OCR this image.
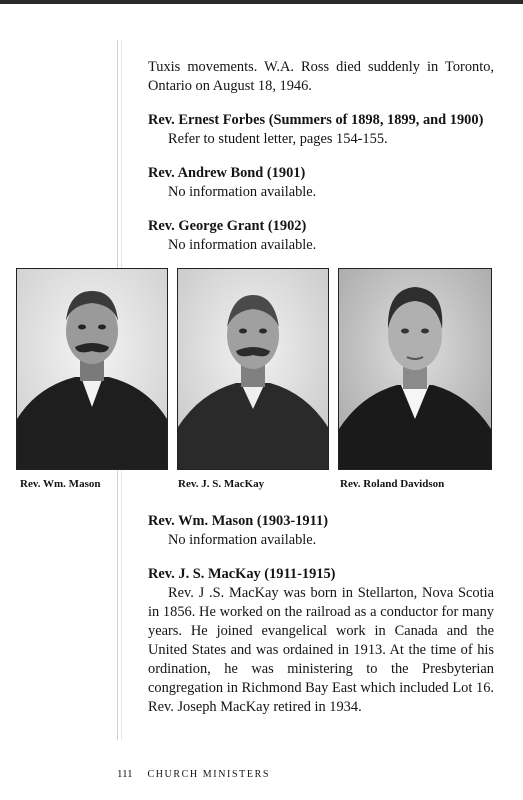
Tuxis movements. W.A. Ross died suddenly in Toronto, Ontario on August 18, 1946.

Rev. Ernest Forbes (Summers of 1898, 1899, and 1900)

Refer to student letter, pages 154-155.

Rev. Andrew Bond (1901)

No information available.

Rev. George Grant (1902)

No information available.

Rev. Wm. Mason	Rev. J. S. MacKay	Rev. Roland Davidson
Rev. Wm. Mason (1903-1911)

No information available.

Rev. J. S. MacKay (1911-1915)

Rev. J .S. MacKay was born in Stellarton, Nova Scotia in 1856. He worked on the railroad as a conductor for many years. He joined evangelical work in Canada and the United States and was ordained in 1913. At the time of his ordination, he was ministering to the Presbyterian congregation in Richmond Bay East which included Lot 16. Rev. Joseph MacKay retired in 1934.

111 CHURCH MINISTERS
